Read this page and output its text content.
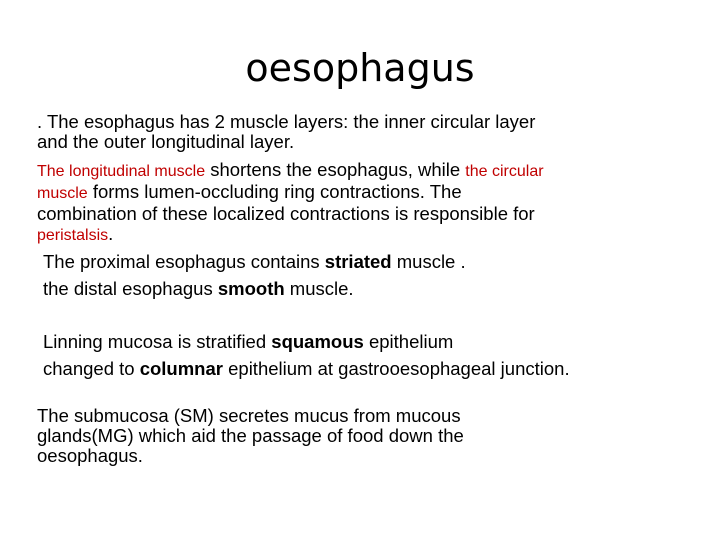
oesophagus
. The esophagus has 2 muscle layers: the inner circular layer
and the outer longitudinal layer.
The longitudinal muscle shortens the esophagus, while the circular
muscle forms lumen-occluding ring contractions. The
combination of these localized contractions is responsible for
peristalsis.
The proximal esophagus contains striated muscle .
the distal esophagus smooth muscle.
Linning mucosa is stratified squamous epithelium
changed to columnar epithelium at gastrooesophageal junction.
The submucosa (SM) secretes mucus from mucous
glands(MG) which aid the passage of food down the
oesophagus.
